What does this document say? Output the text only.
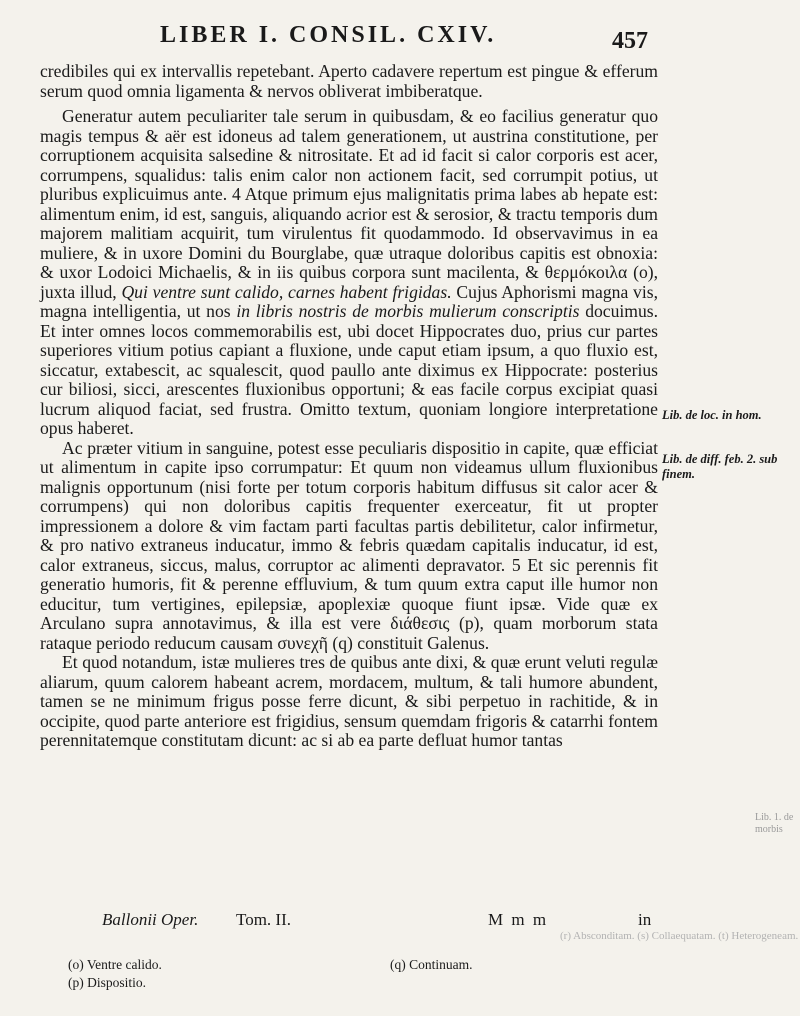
LIBER I. CONSIL. CXIV.	457

credibiles qui ex intervallis repetebant. Aperto cadavere repertum est pingue & efferum serum quod omnia ligamenta & nervos obliverat imbiberatque.

Generatur autem peculiariter tale serum in quibusdam, & eo facilius generatur quo magis tempus & aër est idoneus ad talem generationem, ut austrina constitutione, per corruptionem acquisita salsedine & nitrositate. Et ad id facit si calor corporis est acer, corrumpens, squalidus: talis enim calor non actionem facit, sed corrumpit potius, ut pluribus explicuimus ante. 4 Atque primum ejus malignitatis prima labes ab hepate est: alimentum enim, id est, sanguis, aliquando acrior est & serosior, & tractu temporis dum majorem malitiam acquirit, tum virulentus fit quodammodo. Id observavimus in ea muliere, & in uxore Domini du Bourglabe, quæ utraque doloribus capitis est obnoxia: & uxor Lodoici Michaelis, & in iis quibus corpora sunt macilenta, & θερμόκοιλα (o), juxta illud, Qui ventre sunt calido, carnes habent frigidas. Cujus Aphorismi magna vis, magna intelligentia, ut nos in libris nostris de morbis mulierum conscriptis docuimus. Et inter omnes locos commemorabilis est, ubi docet Hippocrates duo, prius cur partes superiores vitium potius capiant a fluxione, unde caput etiam ipsum, a quo fluxio est, siccatur, extabescit, ac squalescit, quod paullo ante diximus ex Hippocrate: posterius cur biliosi, sicci, arescentes fluxionibus opportuni; & eas facile corpus excipiat quasi lucrum aliquod faciat, sed frustra. Omitto textum, quoniam longiore interpretatione opus haberet.

Ac præter vitium in sanguine, potest esse peculiaris dispositio in capite, quæ efficiat ut alimentum in capite ipso corrumpatur: Et quum non videamus ullum fluxionibus malignis opportunum (nisi forte per totum corporis habitum diffusus sit calor acer & corrumpens) qui non doloribus capitis frequenter exerceatur, fit ut propter impressionem a dolore & vim factam parti facultas partis debilitetur, calor infirmetur, & pro nativo extraneus inducatur, immo & febris quædam capitalis inducatur, id est, calor extraneus, siccus, malus, corruptor ac alimenti depravator. 5 Et sic perennis fit generatio humoris, fit & perenne effluvium, & tum quum extra caput ille humor non educitur, tum vertigines, epilepsiæ, apoplexiæ quoque fiunt ipsæ. Vide quæ ex Arculano supra annotavimus, & illa est vere διάθεσις (p), quam morborum stata rataque periodo reducum causam συνεχῆ (q) constituit Galenus.

Et quod notandum, istæ mulieres tres de quibus ante dixi, & quæ erunt veluti regulæ aliarum, quum calorem habeant acrem, mordacem, multum, & tali humore abundent, tamen se ne minimum frigus posse ferre dicunt, & sibi perpetuo in rachitide, & in occipite, quod parte anteriore est frigidius, sensum quemdam frigoris & catarrhi fontem perennitatemque constitutam dicunt: ac si ab ea parte defluat humor tantas

Lib. de loc. in hom.
Lib. de diff. feb. 2. sub finem.
Ballonii Oper. Tom. II.	M m m	in
(o) Ventre calido.
(p) Dispositio.
(q) Continuam.
Lib. 1. de morbis
(r) Absconditam. (s) Collaequatam. (t) Heterogeneam.
